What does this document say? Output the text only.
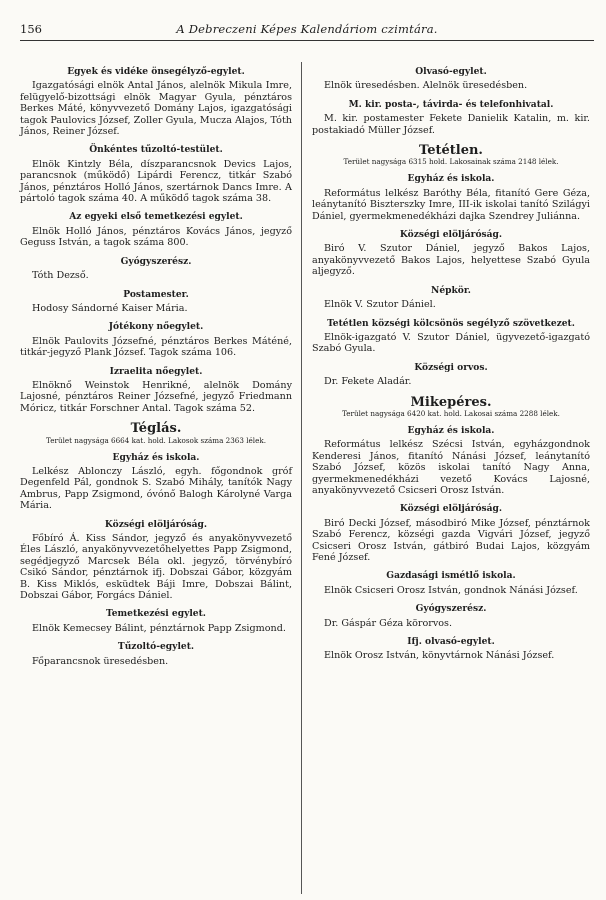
156	A Debreczeni Képes Kalendáriom czimtára.
Egyek és vidéke önsegélyző-egylet.

Igazgatósági elnök Antal János, alelnök Mikula Imre, felügyelő-bizottsági elnök Magyar Gyula, pénztáros Berkes Máté, könyvvezető Domány Lajos, igazgatósági tagok Paulovics József, Zoller Gyula, Mucza Alajos, Tóth János, Reiner József.

Önkéntes tűzoltó-testület.

Elnök Kintzly Béla, díszparancsnok Devics Lajos, parancsnok (működő) Lipárdi Ferencz, titkár Szabó János, pénztáros Holló János, szertárnok Dancs Imre. A pártoló tagok száma 40. A működő tagok száma 38.

Az egyeki első temetkezési egylet.

Elnök Holló János, pénztáros Kovács János, jegyző Geguss István, a tagok száma 800.

Gyógyszerész.

Tóth Dezső.

Postamester.

Hodosy Sándorné Kaiser Mária.

Jótékony nőegylet.

Elnök Paulovits Józsefné, pénztáros Berkes Máténé, titkár-jegyző Plank József. Tagok száma 106.

Izraelita nőegylet.

Elnöknő Weinstok Henrikné, alelnök Domány Lajosné, pénztáros Reiner Józsefné, jegyző Friedmann Móricz, titkár Forschner Antal. Tagok száma 52.

Téglás.
Terület nagysága 6664 kat. hold. Lakosok száma 2363 lélek.
Egyház és iskola.

Lelkész Ablonczy László, egyh. főgondnok gróf Degenfeld Pál, gondnok S. Szabó Mihály, tanítók Nagy Ambrus, Papp Zsigmond, óvónő Balogh Károlyné Varga Mária.

Községi elöljáróság.

Főbíró Á. Kiss Sándor, jegyző és anyakönyvvezető Éles László, anyakönyvvezetőhelyettes Papp Zsigmond, segédjegyző Marcsek Béla okl. jegyző, törvénybíró Csikó Sándor, pénztárnok ifj. Dobszai Gábor, közgyám B. Kiss Miklós, esküdtek Báji Imre, Dobszai Bálint, Dobszai Gábor, Forgács Dániel.

Temetkezési egylet.

Elnök Kemecsey Bálint, pénztárnok Papp Zsigmond.

Tűzoltó-egylet.

Főparancsnok üresedésben.

Olvasó-egylet.

Elnök üresedésben. Alelnök üresedésben.

M. kir. posta-, távirda- és telefonhivatal.

M. kir. postamester Fekete Danielik Katalin, m. kir. postakiadó Müller József.

Tetétlen.
Terület nagysága 6315 hold. Lakosainak száma 2148 lélek.
Egyház és iskola.

Református lelkész Baróthy Béla, fitanító Gere Géza, leánytanító Biszterszky Imre, III-ik iskolai tanító Szilágyi Dániel, gyermekmenedékházi dajka Szendrey Juliánna.

Községi elöljáróság.

Biró V. Szutor Dániel, jegyző Bakos Lajos, anyakönyvvezető Bakos Lajos, helyettese Szabó Gyula aljegyző.

Népkör.

Elnök V. Szutor Dániel.

Tetétlen községi kölcsönös segélyző szövetkezet.

Elnök-igazgató V. Szutor Dániel, ügyvezető-igazgató Szabó Gyula.

Községi orvos.

Dr. Fekete Aladár.

Mikepéres.
Terület nagysága 6420 kat. hold. Lakosai száma 2288 lélek.
Egyház és iskola.

Református lelkész Szécsi István, egyházgondnok Kenderesi János, fitanító Nánási József, leánytanító Szabó József, közös iskolai tanító Nagy Anna, gyermekmenedékházi vezető Kovács Lajosné, anyakönyvvezető Csicseri Orosz István.

Községi elöljáróság.

Biró Decki József, másodbiró Mike József, pénztárnok Szabó Ferencz, községi gazda Vigvári József, jegyző Csicseri Orosz István, gátbiró Budai Lajos, közgyám Fené József.

Gazdasági ismétlő iskola.

Elnök Csicseri Orosz István, gondnok Nánási József.

Gyógyszerész.

Dr. Gáspár Géza körorvos.

Ifj. olvasó-egylet.

Elnök Orosz István, könyvtárnok Nánási József.
